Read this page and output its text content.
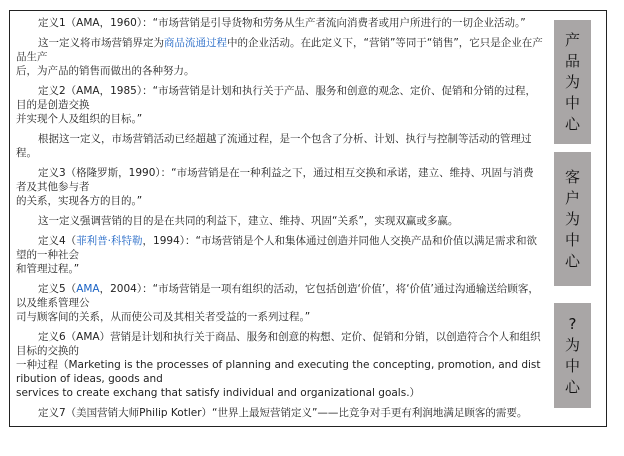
定义1（AMA，1960）：“市场营销是引导货物和劳务从生产者流向消费者或用户所进行的一切企业活动。”
这一定义将市场营销界定为商品流通过程中的企业活动。在此定义下，“营销”等同于“销售”，它只是企业在产品生产
后，为产品的销售而做出的各种努力。
定义2（AMA，1985）：“市场营销是计划和执行关于产品、服务和创意的观念、定价、促销和分销的过程，目的是创造交换
并实现个人及组织的目标。”
根据这一定义，市场营销活动已经超越了流通过程，是一个包含了分析、计划、执行与控制等活动的管理过程。
定义3（格隆罗斯，1990）：“市场营销是在一种利益之下，通过相互交换和承诺，建立、维持、巩固与消费者及其他参与者
的关系，实现各方的目的。”
这一定义强调营销的目的是在共同的利益下，建立、维持、巩固“关系”，实现双赢或多赢。
定义4（菲利普·科特勒，1994）：“市场营销是个人和集体通过创造并同他人交换产品和价值以满足需求和欲望的一种社会
和管理过程。”
定义5（AMA，2004）：“市场营销是一项有组织的活动，它包括创造‘价值’，将‘价值’通过沟通输送给顾客，以及维系管理公
司与顾客间的关系，从而使公司及其相关者受益的一系列过程。”
定义6（AMA）营销是计划和执行关于商品、服务和创意的构想、定价、促销和分销，以创造符合个人和组织目标的交换的
一种过程（Marketing is the processes of planning and executing the concepting, promotion, and distribution of ideas, goods and
services to create exchang that satisfy individual and organizational goals.）
定义7（美国营销大师Philip Kotler）“世界上最短营销定义”——比竞争对手更有利润地满足顾客的需要。
产
品
为
中
心
客
户
为
中
心
?
为
中
心
